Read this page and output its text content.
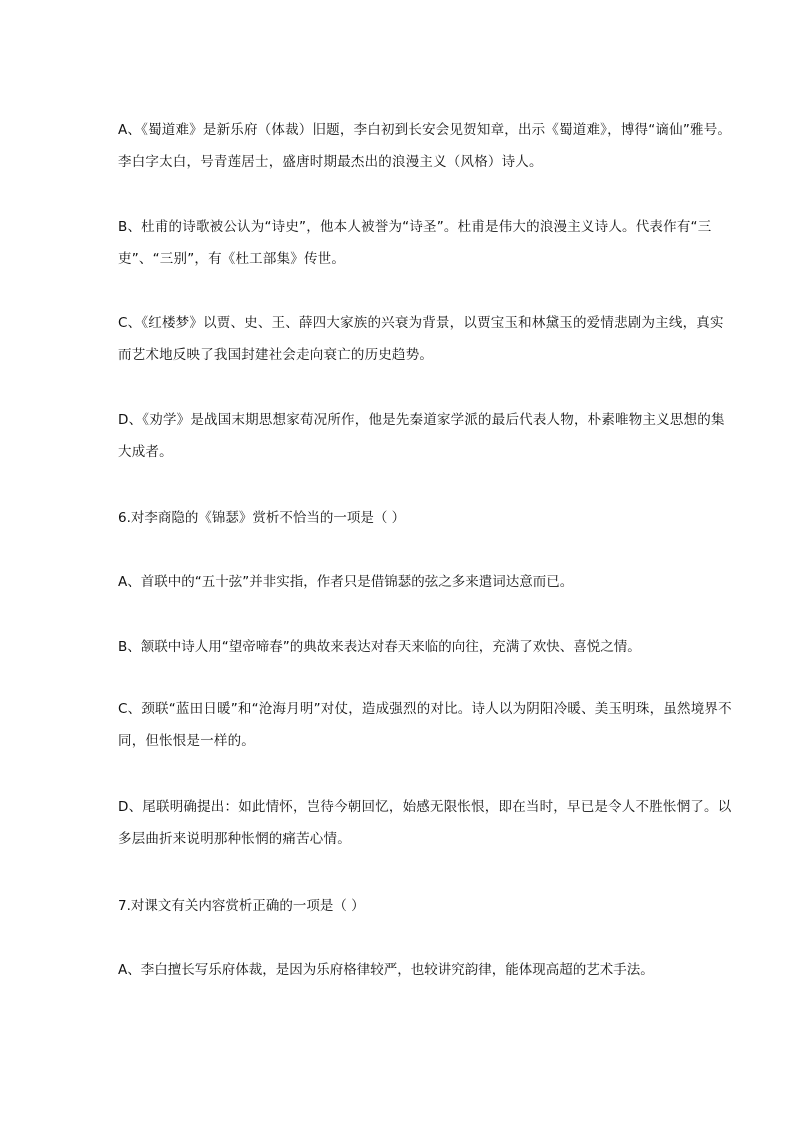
A、《蜀道难》是新乐府（体裁）旧题，李白初到长安会见贺知章，出示《蜀道难》，博得“谪仙”雅号。李白字太白，号青莲居士，盛唐时期最杰出的浪漫主义（风格）诗人。

B、杜甫的诗歌被公认为“诗史”，他本人被誉为“诗圣”。杜甫是伟大的浪漫主义诗人。代表作有“三吏”、“三别”，有《杜工部集》传世。

C、《红楼梦》以贾、史、王、薛四大家族的兴衰为背景，以贾宝玉和林黛玉的爱情悲剧为主线，真实而艺术地反映了我国封建社会走向衰亡的历史趋势。

D、《劝学》是战国末期思想家荀况所作，他是先秦道家学派的最后代表人物，朴素唯物主义思想的集大成者。

6.对李商隐的《锦瑟》赏析不恰当的一项是（ ）

A、首联中的“五十弦”并非实指，作者只是借锦瑟的弦之多来遣词达意而已。

B、颔联中诗人用“望帝啼春”的典故来表达对春天来临的向往，充满了欢快、喜悦之情。

C、颈联“蓝田日暖”和“沧海月明”对仗，造成强烈的对比。诗人以为阴阳冷暖、美玉明珠，虽然境界不同，但怅恨是一样的。

D、尾联明确提出：如此情怀，岂待今朝回忆，始感无限怅恨，即在当时，早已是令人不胜怅惘了。以多层曲折来说明那种怅惘的痛苦心情。

7.对课文有关内容赏析正确的一项是（ ）

A、李白擅长写乐府体裁，是因为乐府格律较严，也较讲究韵律，能体现高超的艺术手法。
